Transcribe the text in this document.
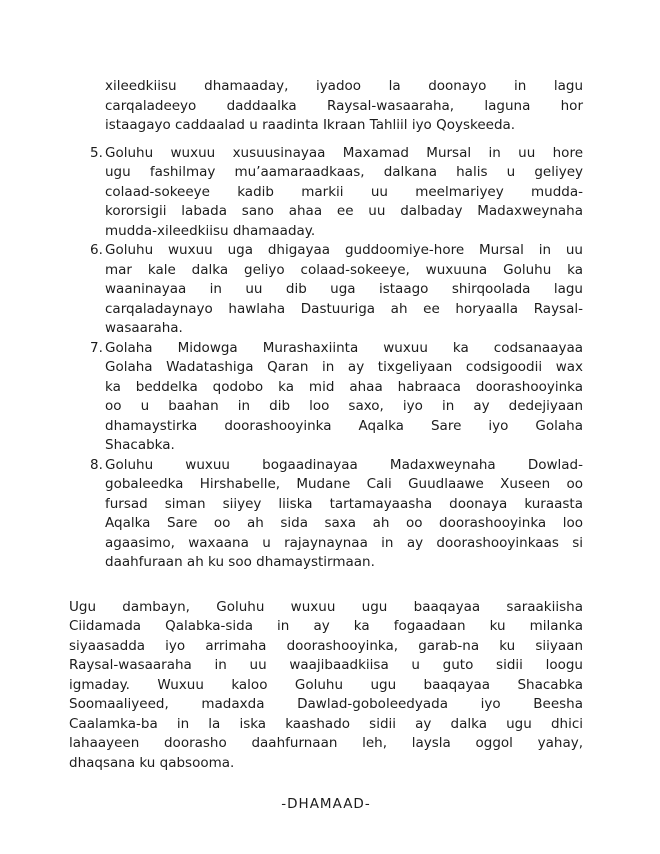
xileedkiisu dhamaaday, iyadoo la doonayo in lagu
carqaladeeyo daddaalka Raysal-wasaaraha, laguna hor
istaagayo caddaalad u raadinta Ikraan Tahliil iyo Qoyskeeda.
5. Goluhu wuxuu xusuusinayaa Maxamad Mursal in uu hore
ugu fashilmay mu’aamaraadkaas, dalkana halis u geliyey
colaad-sokeeye kadib markii uu meelmariyey mudda-
kororsigii labada sano ahaa ee uu dalbaday Madaxweynaha
mudda-xileedkiisu dhamaaday.
6. Goluhu wuxuu uga dhigayaa guddoomiye-hore Mursal in uu
mar kale dalka geliyo colaad-sokeeye, wuxuuna Goluhu ka
waaninayaa in uu dib uga istaago shirqoolada lagu
carqaladaynayo hawlaha Dastuuriga ah ee horyaalla Raysal-
wasaaraha.
7. Golaha Midowga Murashaxiinta wuxuu ka codsanaayaa
Golaha Wadatashiga Qaran in ay tixgeliyaan codsigoodii wax
ka beddelka qodobo ka mid ahaa habraaca doorashooyinka
oo u baahan in dib loo saxo, iyo in ay dedejiyaan
dhamaystirka doorashooyinka Aqalka Sare iyo Golaha
Shacabka.
8. Goluhu wuxuu bogaadinayaa Madaxweynaha Dowlad-
gobaleedka Hirshabelle, Mudane Cali Guudlaawe Xuseen oo
fursad siman siiyey liiska tartamayaasha doonaya kuraasta
Aqalka Sare oo ah sida saxa ah oo doorashooyinka loo
agaasimo, waxaana u rajaynaynaa in ay doorashooyinkaas si
daahfuraan ah ku soo dhamaystirmaan.
Ugu dambayn, Goluhu wuxuu ugu baaqayaa saraakiisha
Ciidamada Qalabka-sida in ay ka fogaadaan ku milanka
siyaasadda iyo arrimaha doorashooyinka, garab-na ku siiyaan
Raysal-wasaaraha in uu waajibaadkiisa u guto sidii loogu
igmaday. Wuxuu kaloo Goluhu ugu baaqayaa Shacabka
Soomaaliyeed, madaxda Dawlad-goboleedyada iyo Beesha
Caalamka-ba in la iska kaashado sidii ay dalka ugu dhici
lahaayeen doorasho daahfurnaan leh, laysla oggol yahay,
dhaqsana ku qabsooma.
-DHAMAAD-
